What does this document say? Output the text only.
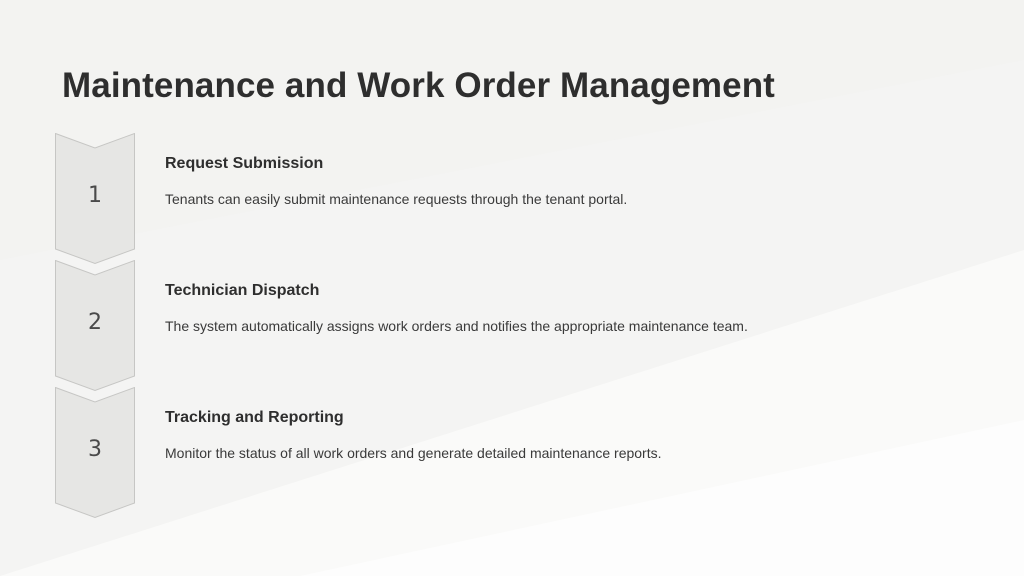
Maintenance and Work Order Management
1
Request Submission
Tenants can easily submit maintenance requests through the tenant portal.
2
Technician Dispatch
The system automatically assigns work orders and notifies the appropriate maintenance team.
3
Tracking and Reporting
Monitor the status of all work orders and generate detailed maintenance reports.
